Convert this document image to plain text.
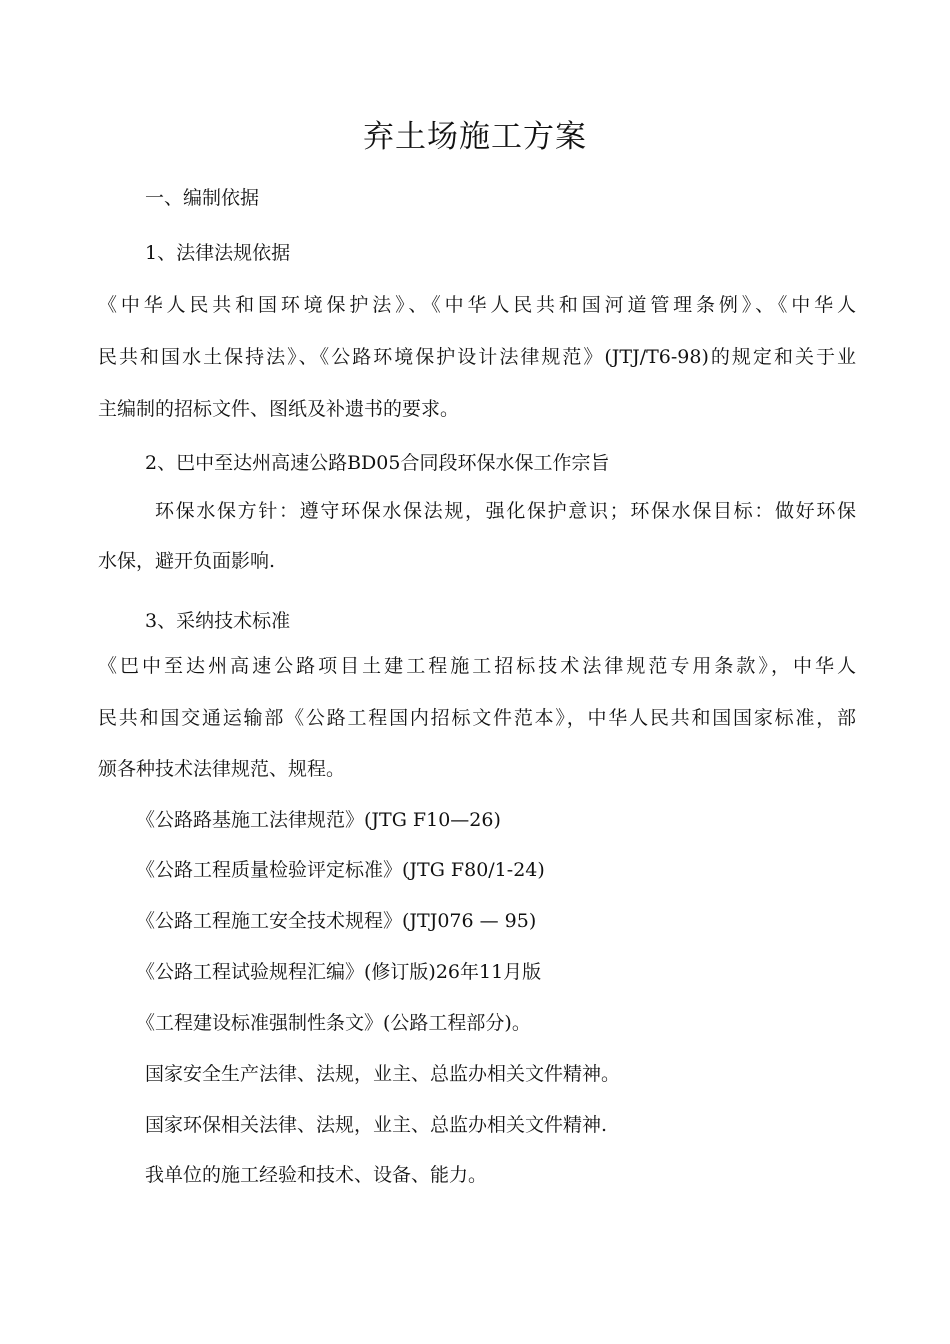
弃土场施工方案
一、编制依据
1、法律法规依据
《中华人民共和国环境保护法》、《中华人民共和国河道管理条例》、《中华人
民共和国水土保持法》、《公路环境保护设计法律规范》(JTJ/T6-98)的规定和关于业
主编制的招标文件、图纸及补遗书的要求。
2、巴中至达州高速公路BD05合同段环保水保工作宗旨
环保水保方针：遵守环保水保法规，强化保护意识；环保水保目标：做好环保
水保，避开负面影响.
3、采纳技术标准
《巴中至达州高速公路项目土建工程施工招标技术法律规范专用条款》，中华人
民共和国交通运输部《公路工程国内招标文件范本》，中华人民共和国国家标准，部
颁各种技术法律规范、规程。
《公路路基施工法律规范》(JTG F10—26)
《公路工程质量检验评定标准》(JTG F80/1-24)
《公路工程施工安全技术规程》(JTJ076 — 95)
《公路工程试验规程汇编》(修订版)26年11月版
《工程建设标准强制性条文》(公路工程部分)。
国家安全生产法律、法规，业主、总监办相关文件精神。
国家环保相关法律、法规，业主、总监办相关文件精神.
我单位的施工经验和技术、设备、能力。
